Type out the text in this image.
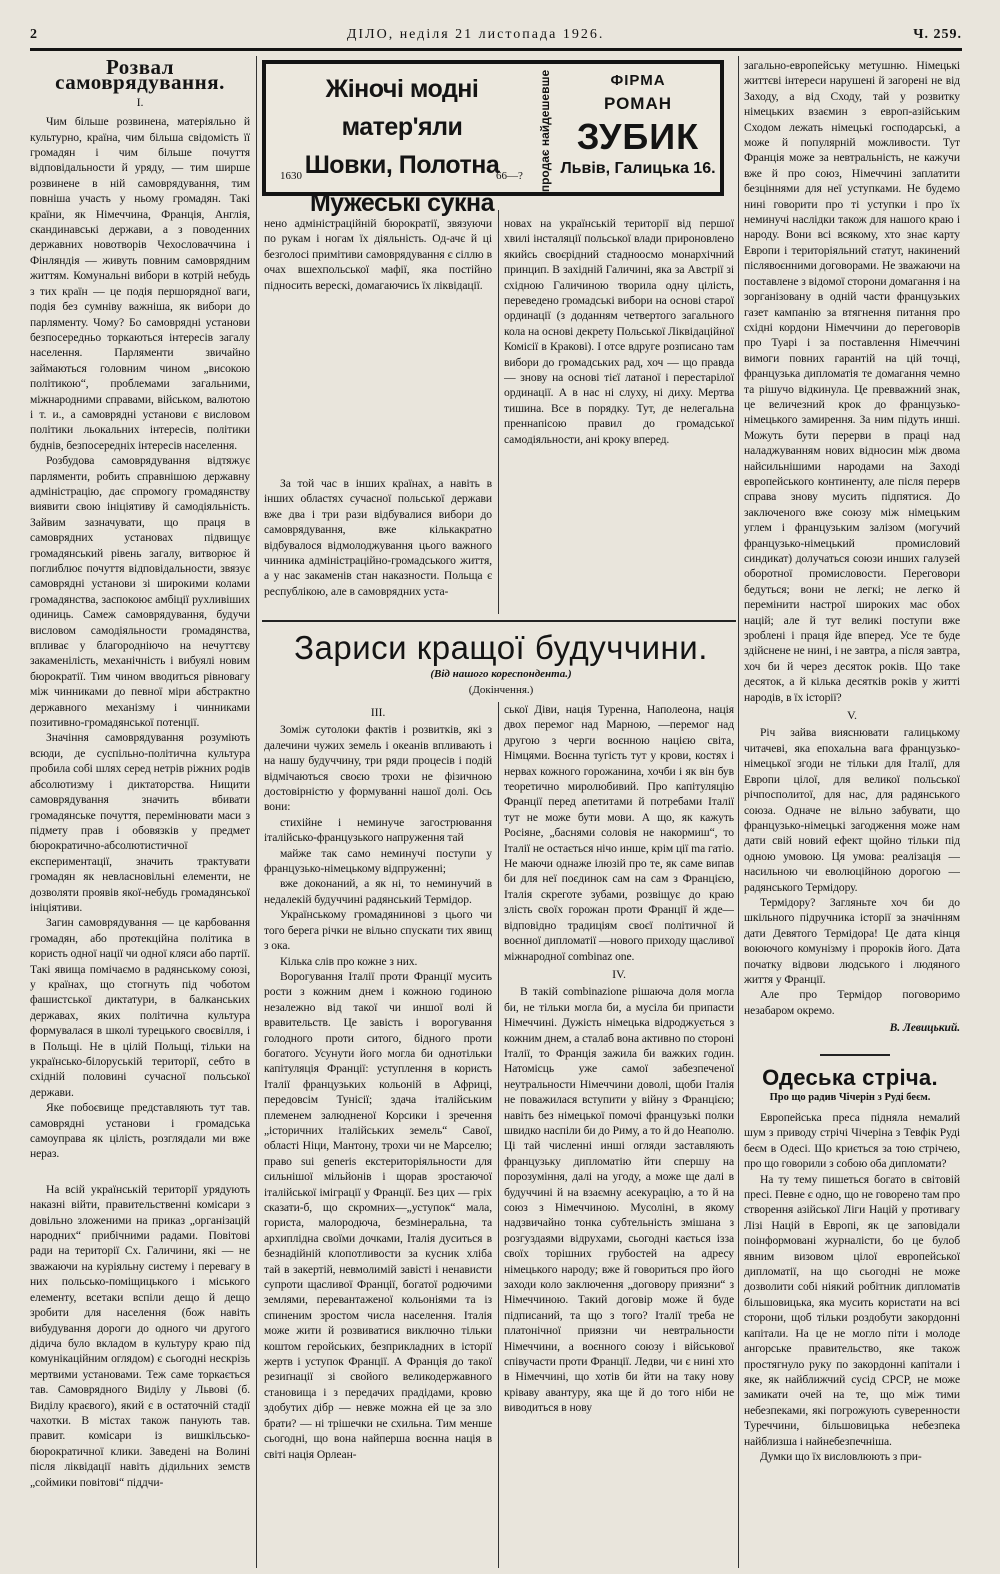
2	ДІЛО, неділя 21 листопада 1926.	Ч. 259.
Розвал самоврядування.

І.

Чим більше розвинена, матеріяльно й культурно, країна, чим більша свідомість її громадян і чим більше почуття відповідальности й уряду, — тим ширше розвинене в ній самоврядування, тим повніша участь у ньому громадян. Такі країни, як Німеччина, Франція, Англія, скандинавські держави, а з поводенних державних новотворів Чехословаччина і Фінляндія — живуть повним самоврядним життям. Комунальні вибори в котрій небудь з тих країн — це подія першорядної ваги, подія без сумніву важніша, як вибори до парляменту. Чому? Бо самоврядні установи безпосередньо торкаються інтересів загалу населення. Парляменти звичайно займаються головним чином „високою політикою“, проблемами загальними, міжнародними справами, військом, валютою і т. и., а самоврядні установи є висловом політики льокальних інтересів, політики буднів, безпосередніх інтересів населення.

Розбудова самоврядування відтяжує парляменти, робить справнішою державну адміністрацію, дає спромогу громадянству виявити свою ініціятиву й самодіяльність. Зайвим зазначувати, що праця в самоврядних установах підвищує громадянський рівень загалу, витворює й поглиблює почуття відповідальности, звязує самоврядні установи зі широкими колами громадянства, заспокоює амбіції рухливіших одиниць. Самеж самоврядування, будучи висловом самодіяльности громадянства, впливає у благородніючо на нечуттєву закаменілість, механічність і вибуялі новим бюрократії. Тим чином вводиться рівновагу між чинниками до певної міри абстрактно державного механізму і чинниками позитивно-громадянської потенції.

Значіння самоврядування розуміють всюди, де суспільно-політична культура пробила собі шлях серед нетрів ріжних родів абсолютизму і диктаторства. Нищити самоврядування значить вбивати громадянське почуття, перемінювати маси з підмету прав і обовязків у предмет бюрократично-абсолютистичної експериментації, значить трактувати громадян як невласновільні елементи, не дозволяти проявів якої-небудь громадянської ініціятиви.

Загин самоврядування — це карбовання громадян, або протекційна політика в користь одної нації чи одної кляси або партії. Такі явища помічаємо в радянському союзі, у країнах, що стогнуть під чоботом фашистської диктатури, в балканських державах, яких політична культура формувалася в школі турецького своєвілля, і в Польщі. Не в цілій Польщі, тільки на українсько-білоруській території, себто в східній половині сучасної польської держави.

Яке побоєвище представляють тут тав. самоврядні установи і громадська самоуправа як цілість, розглядали ми вже нераз.

На всій українській території урядують наказні війти, правительственні комісари з довільно зложеними на приказ „організацій народних“ прибічними радами. Повітові ради на території Сх. Галичини, які — не зважаючи на куріяльну систему і перевагу в них польсько-поміщицького і міського елементу, всетаки вспіли дещо й дещо зробити для населення (бож навіть вибудування дороги до одного чи другого дідича було вкладом в культуру краю під комунікаційним оглядом) є сьогодні нескрізь мертвими установами. Теж саме торкається тав. Самоврядного Виділу у Львові (б. Виділу краєвого), який є в остаточній стадії чахотки. В містах також панують тав. правит. комісари із вишкільсько-бюрократичної клики. Заведені на Волині після ліквідації навіть дідильних земств „соймики повітові“ піддчи-

Жіночі модні матер'яли
Шовки, Полотна
Мужеські сукна
1630	66—? продає найдешевше	ФІРМА
РОМАН
ЗУБИК
Львів, Галицька 16.

нено адміністраційній бюрократії, звязуючи по рукам і ногам їх діяльність. Од-ачє й ці безголосі примітиви самоврядування є сіллю в очах вшехпольської мафії, яка постійно підносить верескі, домагаючись їх ліквідації.

За той час в інших країнах, а навіть в інших областях сучасної польської держави вже два і три рази відбувалися вибори до самоврядування, вже кількакратно відбувалося відмолоджування цього важного чинника адміністраційно-громадського життя, а у нас закаменів стан наказности. Польща є республікою, але в самоврядних уста-

новах на українській території від першої хвилі інсталяції польської влади прироновлено якийсь своєрідний стадноосмо монархічний принцип. В західній Галичині, яка за Австрії зі східною Галичиною творила одну цілість, переведено громадські вибори на основі старої ординації (з доданням четвертого загального кола на основі декрету Польської Ліквідаційної Комісії в Кракові). І отсе вдруге розписано там вибори до громадських рад, хоч — що правда — знову на основі тієї латаної і перестарілої ординації. А в нас ні слуху, ні диху. Мертва тишина. Все в порядку. Тут, де нелегальна преннапісою правил до громадської самодіяльности, ані кроку вперед.

Зариси кращої будуччини.
(Від нашого кореспондента.)
(Докінчення.)

III.

Зоміж сутолоки фактів і розвитків, які з далечини чужих земель і океанів впливають і на нашу будуччину, три ряди процесів і подій відмічаються своєю трохи не фізичною достовірністю у формуванні нашої долі. Ось вони:

стихійне і неминуче загострювання італійсько-французького напруження тай

майже так само неминучі поступи у французько-німецькому відпруженні;

вже доконаний, а як ні, то неминучий в недалекій будуччині радянський Термідор.

Українському громадянинові з цього чи того берега річки не вільно спускати тих явищ з ока.

Кілька слів про кожне з них.

Ворогування Італії проти Франції мусить рости з кожним днем і кожною годиною незалежно від такої чи иншої волі й вравительств. Це завість і ворогування голодного проти ситого, бідного проти богатого. Усунути його могла би однотільки капітуляція Франції: уступлення в користь Італії французьких кольоній в Африці, передовсім Тунісії; здача італійським племенем залюдненої Корсики і зречення „історичних італійських земель“ Савої, області Ніци, Мантону, трохи чи не Марселю; право sui generis екстериторіяльности для сильнішої мільйонів і щорав зростаючої італійської іміграції у Франції. Без цих — гріх сказати-б, що скромних—„уступок“ мала, гориста, малородюча, безмінеральна, та архиплідна своїми дочками, Італія дуситься в безнадійній клопотливости за кусник хліба тай в закертій, невмолимій завісті і ненависти супроти щасливої Франції, богатої родючими землями, перевантаженої кольоніями та із спиненим зростом числа населення. Італія може жити й розвиватися виключно тільки коштом геройських, безприкладних в історії жертв і уступок Франції. А Франція до такої резиґнації зі свойого великодержавного становища і з передачих прадідами, кровю здобутих дібр — невже можна ей це за зло брати? — ні трішечки не схильна. Тим менше сьогодні, що вона найперша воєнна нація в світі нація Орлеан-

ської Діви, нація Туренна, Наполеона, нація двох перемог над Марною, —перемог над другою з черги воєнною нацією світа, Німцями. Воєнна тугість тут у крови, костях і нервах кожного горожанина, хочби і як він був теоретично миролюбивий. Про капітуляцію Франції перед апетитами й потребами Італії тут не може бути мови. А що, як кажуть Росіяне, „баснями соловія не накормиш“, то Італії не остається нічо инше, крім ції ma гатіо. Не маючи однаже ілюзій про те, як саме випав би для неї поєдинок сам на сам з Францією, Італія скреготе зубами, розвіщує до краю злість своїх горожан проти Франції й жде—відповідно традиціям своєї політичної й воєнної дипломатії —нового приходу щасливої міжнародної combinaz one.

IV.

В такій combinazione рішаюча доля могла би, не тільки могла би, а мусіла би припасти Німеччині. Дужість німецька відроджується з кожним днем, а сталаб вона активно по стороні Італії, то Франція зажила би важких годин. Натомісць уже самої забезпеченої неутральности Німеччини доволі, щоби Італія не поважилася вступити у війну з Францією; навіть без німецької помочі французькі полки швидко наспіли би до Риму, а то й до Неаполю. Ці тай численні инші огляди заставляють французьку дипломатію йти спершу на порозуміння, далі на угоду, а може ще далі в будуччині й на взаємну асекурацію, а то й на союз з Німеччиною. Мусоліні, в якому надзвичайно тонка субтельність змішана з розгуздаями відрухами, сьогодні кається ізза своїх торішних грубостей на адресу німецького народу; вже й говориться про його заходи коло заключення „договору приязни“ з Німеччиною. Такий договір може й буде підписаний, та що з того? Італії треба не платонічної приязни чи невтральности Німеччини, а воєнного союзу і військової співучасти проти Франції. Ледви, чи є нині хто в Німеччині, що хотів би йти на таку нову кріваву авантуру, яка ще й до того ніби не виводиться в нову

загально-европейську метушню. Німецькі життєві інтереси нарушені й загорені не від Заходу, а від Сходу, тай у розвитку німецьких взаємин з европ-азійським Сходом лежать німецькі господарські, а може й популярній можливости. Тут Франція може за невтральність, не кажучи вже й про союз, Німеччині заплатити безціннями для неї уступками. Не будемо нині говорити про ті уступки і про їх неминучі наслідки також для нашого краю і народу. Вони всі всякому, хто знає карту Европи і територіяльний статут, накинений післявоєнними договорами. Не зважаючи на поставлене з відомої сторони домагання і на зорганізовану в одній части французьких газет кампанію за втягнення питання про східні кордони Німеччини до переговорів про Туарі і за поставлення Німеччині вимоги повних гарантій на цій точці, французька дипломатія те домагання чемно та рішучо відкинула. Це превважний знак, це величезний крок до французько-німецького замирення. За ним підуть инші. Можуть бути перерви в праці над наладжуванням нових відносин між двома найсильнішими народами на Заході европейського континенту, але після перерв справа знову мусить підпятися. До заключеного вже союзу між німецьким углем і французьким залізом (могучий французько-німецький промисловий синдикат) долучаться союзи инших галузей оборотної промисловости. Переговори бедуться; вони не легкі; не легко й перемінити настрої широких мас обох націй; але й тут великі поступи вже зроблені і праця йде вперед. Усе те буде здійснене не нині, і не завтра, а після завтра, хоч би й через десяток років. Що таке десяток, а й кілька десятків років у житті народів, в їх історії?

V.

Річ зайва вияснювати галицькому читачеві, яка епохальна вага французько-німецької згоди не тільки для Італії, для Европи цілої, для великої польської річпосполитої, для нас, для радянського союза. Одначе не вільно забувати, що французько-німецькі загодження може нам дати свій новий ефект щойно тільки під одною умовою. Ця умова: реалізація — насильною чи еволюційною дорогою — радянського Термідору.

Термідору? Загляньте хоч би до шкільного підручника історії за значінням дати Девятого Термідора! Це дата кінця воюючого комунізму і пророків його. Дата початку відвови людського і людяного життя у Франції.

Але про Термідор поговоримо незабаром окремо.

В. Левицький.

Одеська стріча.
Про що радив Чічерін з Руді беєм.

Европейська преса підняла немалий шум з приводу стрічі Чічеріна з Тевфік Руді беєм в Одесі. Що криється за тою стрічею, про що говорили з собою оба дипломати?

На ту тему пишеться богато в світовій пресі. Певне є одно, що не говорено там про створення азійської Ліги Націй у противагу Лізі Націй в Европі, як це заповідали поінформовані журналісти, бо це булоб явним визовом цілої европейської дипломатії, на що сьогодні не може дозволити собі ніякий робітник дипломатів більшовицька, яка мусить користати на всі сторони, щоб тільки роздобути закордонні капітали. На це не могло піти і молоде ангорське правительство, яке також простягнуло руку по закордонні капітали і яке, як найближчий сусід СРСР, не може замикати очей на те, що між тими небезпеками, які погрожують суверенности Туреччини, більшовицька небезпека найблизша і найнебезпечніша.

Думки що їх висловлюють з при-
